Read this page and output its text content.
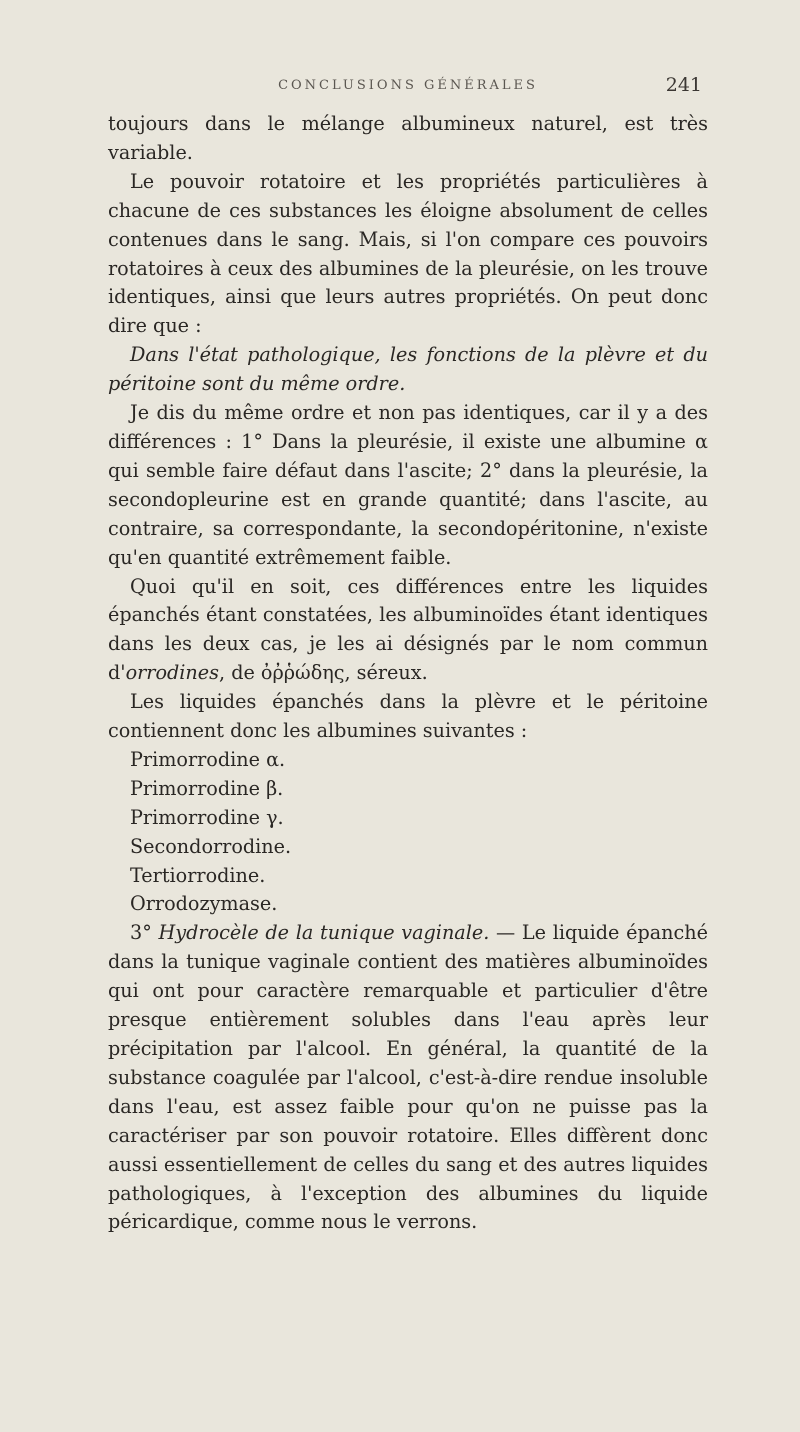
CONCLUSIONS GÉNÉRALES	241

toujours dans le mélange albumineux naturel, est très variable.

Le pouvoir rotatoire et les propriétés particulières à chacune de ces substances les éloigne absolument de celles contenues dans le sang. Mais, si l'on compare ces pouvoirs rotatoires à ceux des albumines de la pleurésie, on les trouve identiques, ainsi que leurs autres propriétés. On peut donc dire que :

Dans l'état pathologique, les fonctions de la plèvre et du péritoine sont du même ordre.

Je dis du même ordre et non pas identiques, car il y a des différences : 1° Dans la pleurésie, il existe une albumine α qui semble faire défaut dans l'ascite; 2° dans la pleurésie, la secondopleurine est en grande quantité; dans l'ascite, au contraire, sa correspondante, la secondopéritonine, n'existe qu'en quantité extrêmement faible.

Quoi qu'il en soit, ces différences entre les liquides épanchés étant constatées, les albuminoïdes étant identiques dans les deux cas, je les ai désignés par le nom commun d'orrodines, de ὀῤῥώδης, séreux.

Les liquides épanchés dans la plèvre et le péritoine contiennent donc les albumines suivantes :

Primorrodine α.

Primorrodine β.

Primorrodine γ.

Secondorrodine.

Tertiorrodine.

Orrodozymase.

3° Hydrocèle de la tunique vaginale. — Le liquide épanché dans la tunique vaginale contient des matières albuminoïdes qui ont pour caractère remarquable et particulier d'être presque entièrement solubles dans l'eau après leur précipitation par l'alcool. En général, la quantité de la substance coagulée par l'alcool, c'est-à-dire rendue insoluble dans l'eau, est assez faible pour qu'on ne puisse pas la caractériser par son pouvoir rotatoire. Elles diffèrent donc aussi essentiellement de celles du sang et des autres liquides pathologiques, à l'exception des albumines du liquide péricardique, comme nous le verrons.
